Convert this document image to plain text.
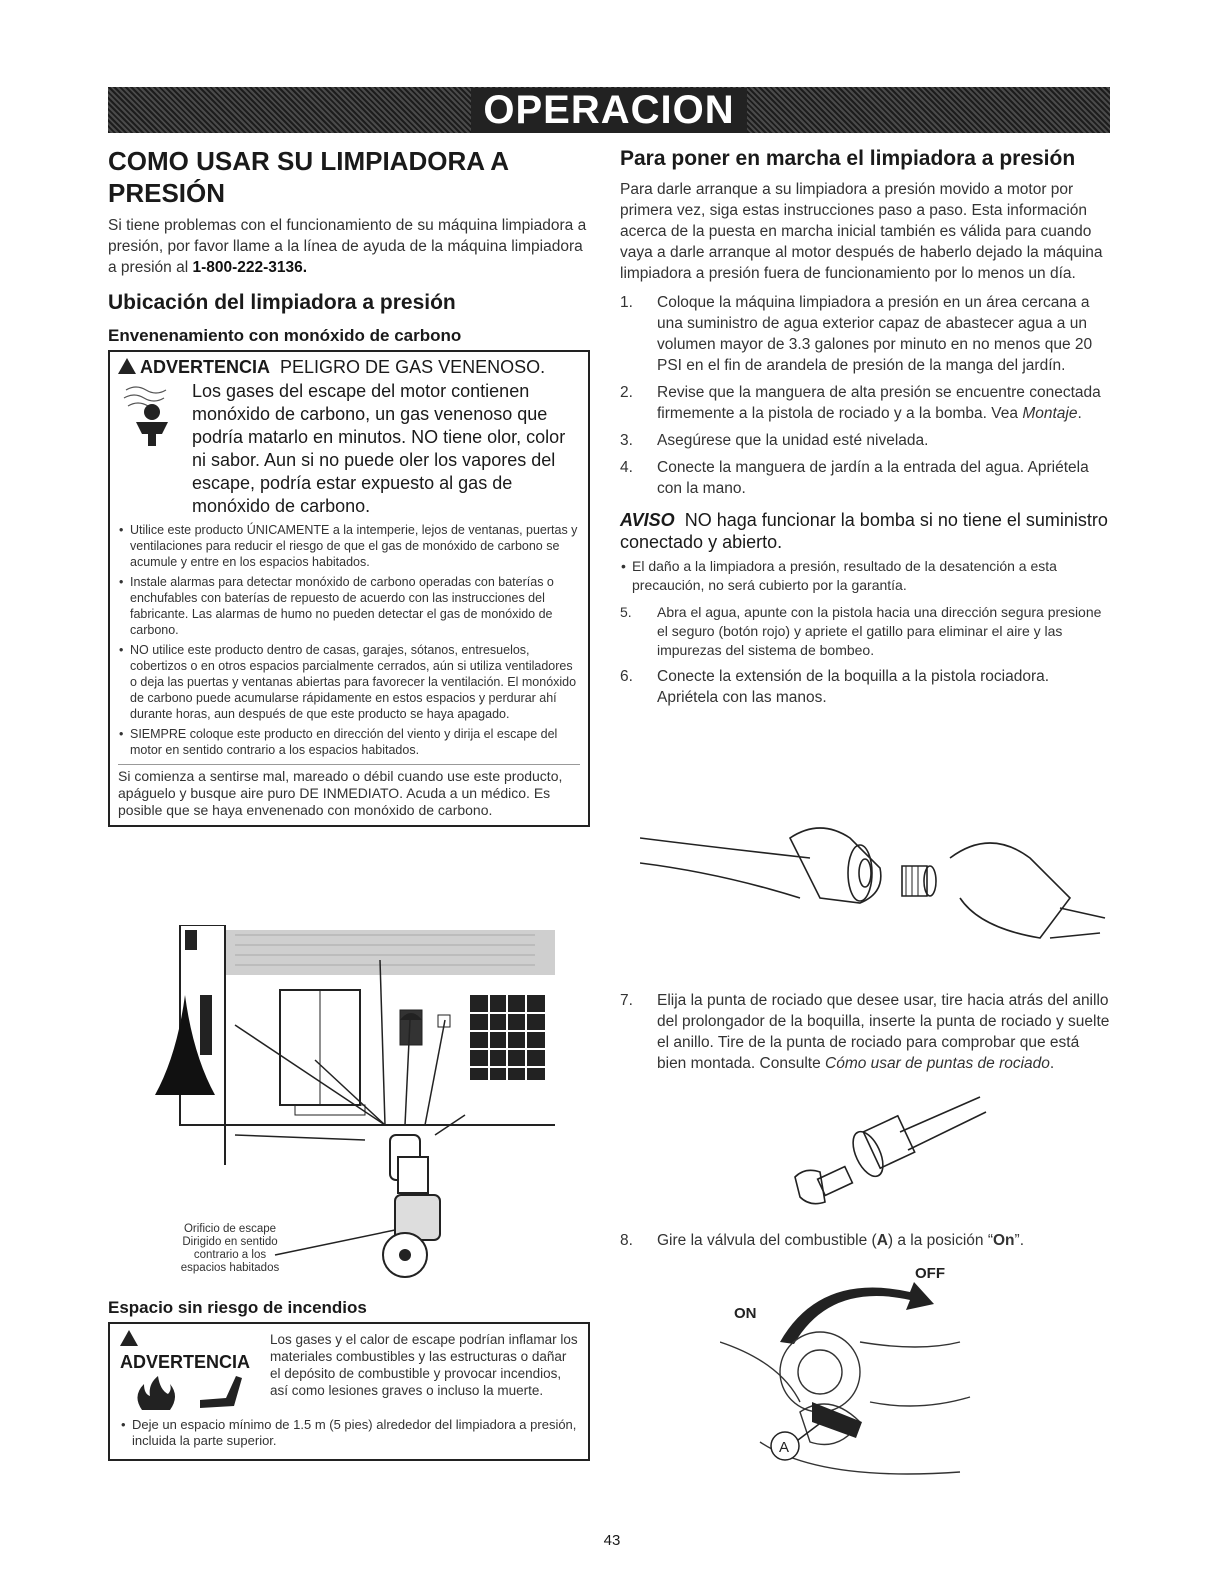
OPERACION
COMO USAR SU LIMPIADORA A PRESIÓN

Si tiene problemas con el funcionamiento de su máquina limpiadora a presión, por favor llame a la línea de ayuda de la máquina limpiadora a presión al 1-800-222-3136.

Ubicación del limpiadora a presión
Envenenamiento con monóxido de carbono
ADVERTENCIA PELIGRO DE GAS VENENOSO.
Los gases del escape del motor contienen monóxido de carbono, un gas venenoso que podría matarlo en minutos. NO tiene olor, color ni sabor. Aun si no puede oler los vapores del escape, podría estar expuesto al gas de monóxido de carbono.
• Utilice este producto ÚNICAMENTE a la intemperie, lejos de ventanas, puertas y ventilaciones para reducir el riesgo de que el gas de monóxido de carbono se acumule y entre en los espacios habitados.
• Instale alarmas para detectar monóxido de carbono operadas con baterías o enchufables con baterías de repuesto de acuerdo con las instrucciones del fabricante. Las alarmas de humo no pueden detectar el gas de monóxido de carbono.
• NO utilice este producto dentro de casas, garajes, sótanos, entresuelos, cobertizos o en otros espacios parcialmente cerrados, aún si utiliza ventiladores o deja las puertas y ventanas abiertas para favorecer la ventilación. El monóxido de carbono puede acumularse rápidamente en estos espacios y perdurar ahí durante horas, aun después de que este producto se haya apagado.
• SIEMPRE coloque este producto en dirección del viento y dirija el escape del motor en sentido contrario a los espacios habitados.

Si comienza a sentirse mal, mareado o débil cuando use este producto, apáguelo y busque aire puro DE INMEDIATO. Acuda a un médico. Es posible que se haya envenenado con monóxido de carbono.

Orificio de escape
Dirigido en sentido
contrario a los
espacios habitados
Espacio sin riesgo de incendios
ADVERTENCIA
Los gases y el calor de escape podrían inflamar los materiales combustibles y las estructuras o dañar el depósito de combustible y provocar incendios, así como lesiones graves o incluso la muerte.
• Deje un espacio mínimo de 1.5 m (5 pies) alrededor del limpiadora a presión, incluida la parte superior.
Para poner en marcha el limpiadora a presión

Para darle arranque a su limpiadora a presión movido a motor por primera vez, siga estas instrucciones paso a paso. Esta información acerca de la puesta en marcha inicial también es válida para cuando vaya a darle arranque al motor después de haberlo dejado la máquina limpiadora a presión fuera de funcionamiento por lo menos un día.

1. Coloque la máquina limpiadora a presión en un área cercana a una suministro de agua exterior capaz de abastecer agua a un volumen mayor de 3.3 galones por minuto en no menos que 20 PSI en el fin de arandela de presión de la manga del jardín.
2. Revise que la manguera de alta presión se encuentre conectada firmemente a la pistola de rociado y a la bomba. Vea Montaje.
3. Asegúrese que la unidad esté nivelada.
4. Conecte la manguera de jardín a la entrada del agua. Apriétela con la mano.
AVISO NO haga funcionar la bomba si no tiene el suministro conectado y abierto.
• El daño a la limpiadora a presión, resultado de la desatención a esta precaución, no será cubierto por la garantía.
5. Abra el agua, apunte con la pistola hacia una dirección segura presione el seguro (botón rojo) y apriete el gatillo para eliminar el aire y las impurezas del sistema de bombeo.
6. Conecte la extensión de la boquilla a la pistola rociadora. Apriételа con las manos.
7. Elija la punta de rociado que desee usar, tire hacia atrás del anillo del prolongador de la boquilla, inserte la punta de rociado y suelte el anillo. Tire de la punta de rociado para comprobar que está bien montada. Consulte Cómo usar de puntas de rociado.
8. Gire la válvula del combustible (A) a la posición “On”.
OFF
ON
A
43
